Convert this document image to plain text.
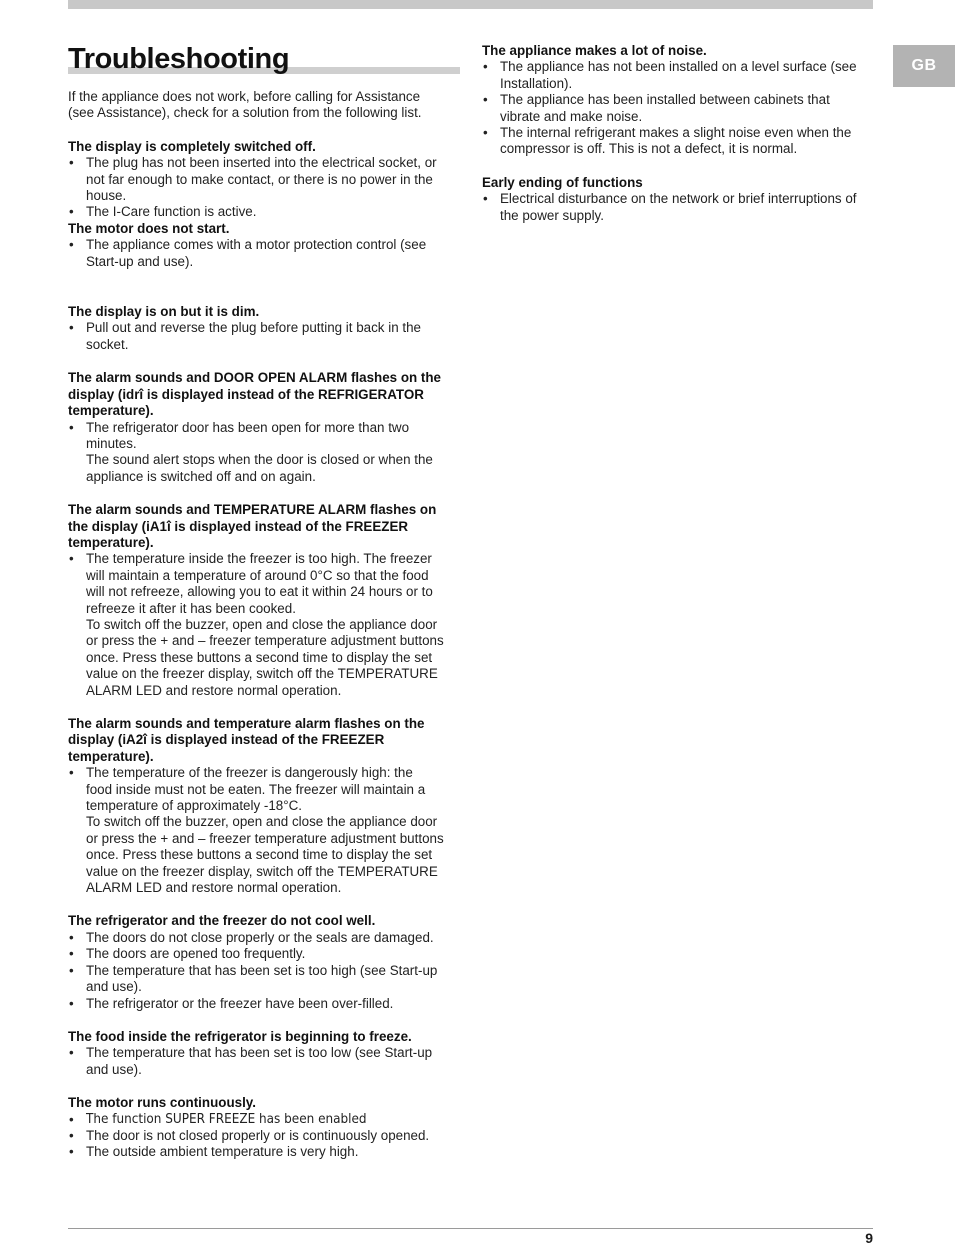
Troubleshooting	GB
If the appliance does not work, before calling for Assistance
(see Assistance), check for a solution from the following list.
The display is completely switched off.
• The plug has not been inserted into the electrical socket, or
not far enough to make contact, or there is no power in the
house.
• The I-Care function is active.
The motor does not start.
• The appliance comes with a motor protection control (see
Start-up and use).
The display is on but it is dim.
• Pull out and reverse the plug before putting it back in the
socket.
The alarm sounds and DOOR OPEN ALARM flashes on the display (idrî is displayed instead of the REFRIGERATOR temperature).
• The refrigerator door has been open for more than two
minutes.
The sound alert stops when the door is closed or when the
appliance is switched off and on again.
The alarm sounds and TEMPERATURE ALARM flashes on the display (iA1î is displayed instead of the FREEZER temperature).
• The temperature inside the freezer is too high. The freezer
will maintain a temperature of around 0°C so that the food
will not refreeze, allowing you to eat it within 24 hours or to
refreeze it after it has been cooked.
To switch off the buzzer, open and close the appliance door
or press the + and – freezer temperature adjustment buttons
once. Press these buttons a second time to display the set
value on the freezer display, switch off the TEMPERATURE
ALARM LED and restore normal operation.
The alarm sounds and temperature alarm flashes on the display (iA2î is displayed instead of the FREEZER temperature).
• The temperature of the freezer is dangerously high: the
food inside must not be eaten. The freezer will maintain a
temperature of approximately -18°C.
To switch off the buzzer, open and close the appliance door
or press the + and – freezer temperature adjustment buttons
once. Press these buttons a second time to display the set
value on the freezer display, switch off the TEMPERATURE
ALARM LED and restore normal operation.
The refrigerator and the freezer do not cool well.
• The doors do not close properly or the seals are damaged.
• The doors are opened too frequently.
• The temperature that has been set is too high (see Start-up
and use).
• The refrigerator or the freezer have been over-filled.
The food inside the refrigerator is beginning to freeze.
• The temperature that has been set is too low (see Start-up
and use).
The motor runs continuously.
• The function SUPER FREEZE has been enabled
• The door is not closed properly or is continuously opened.
• The outside ambient temperature is very high.
The appliance makes a lot of noise.
• The appliance has not been installed on a level surface (see
Installation).
• The appliance has been installed between cabinets that
vibrate and make noise.
• The internal refrigerant makes a slight noise even when the
compressor is off. This is not a defect, it is normal.
Early ending of functions
• Electrical disturbance on the network or brief interruptions of
the power supply.
9
